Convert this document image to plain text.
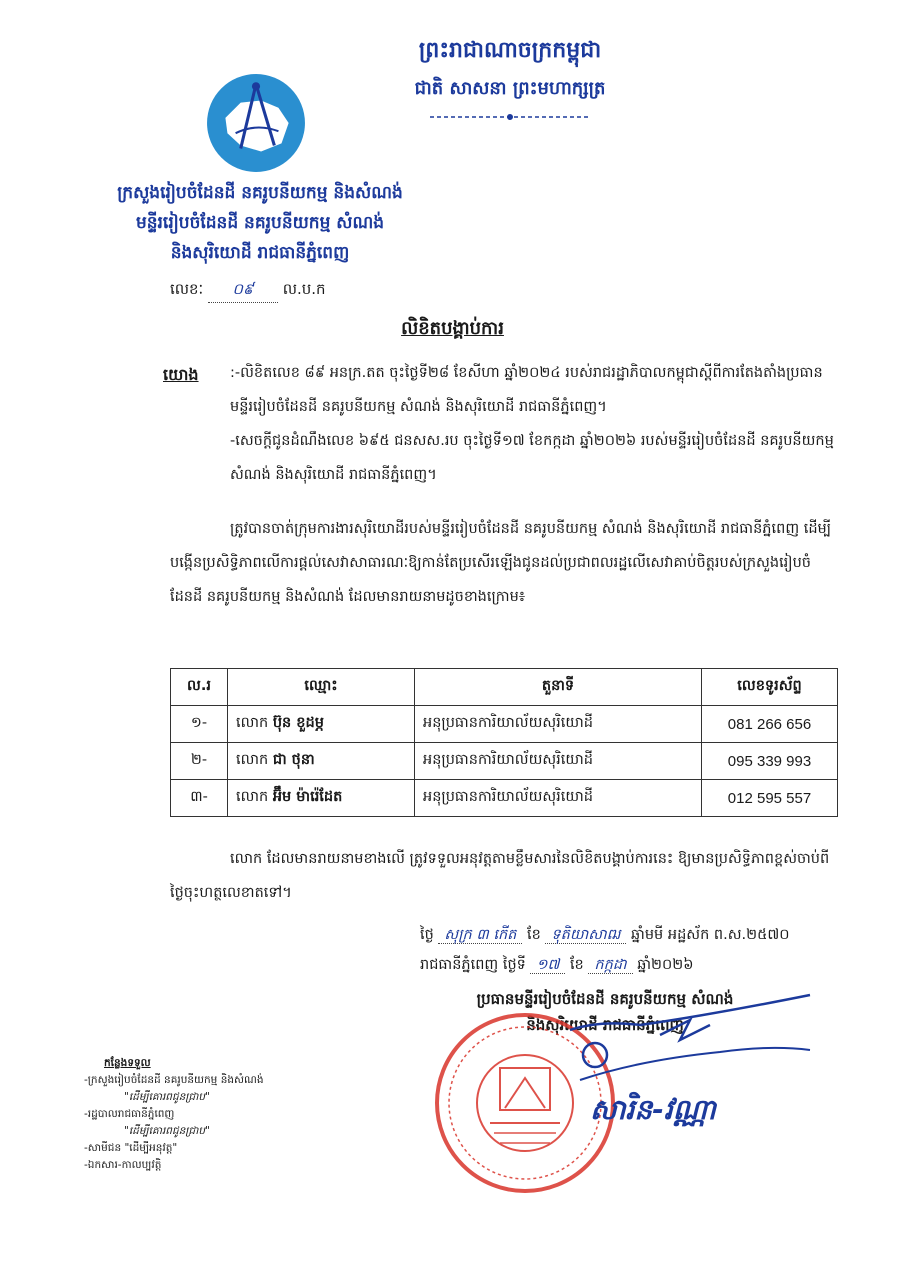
ព្រះរាជាណាចក្រកម្ពុជា
ជាតិ សាសនា ព្រះមហាក្សត្រ
ក្រសួងរៀបចំដែនដី នគរូបនីយកម្ម និងសំណង់
មន្ទីររៀបចំដែនដី នគរូបនីយកម្ម សំណង់
និងសុរិយោដី រាជធានីភ្នំពេញ
លេខៈ ០៩ ល.ប.ក
លិខិតបង្គាប់ការ
យោង :-លិខិតលេខ ៨៩ អនក្រ.តត ចុះថ្ងៃទី២៨ ខែសីហា ឆ្នាំ២០២៤ របស់រាជរដ្ឋាភិបាលកម្ពុជាស្តីពីការតែងតាំងប្រធានមន្ទីររៀបចំដែនដី នគរូបនីយកម្ម សំណង់ និងសុរិយោដី រាជធានីភ្នំពេញ។
-សេចក្តីជូនដំណឹងលេខ ៦៩៥ ជនសស.រប ចុះថ្ងៃទី១៧ ខែកក្កដា ឆ្នាំ២០២៦ របស់មន្ទីររៀបចំដែនដី នគរូបនីយកម្ម សំណង់ និងសុរិយោដី រាជធានីភ្នំពេញ។
ត្រូវបានចាត់ក្រុមការងារសុរិយោដីរបស់មន្ទីររៀបចំដែនដី នគរូបនីយកម្ម សំណង់ និងសុរិយោដី រាជធានីភ្នំពេញ ដើម្បីបង្កើនប្រសិទ្ធិភាពលើការផ្តល់សេវាសាធារណៈឱ្យកាន់តែប្រសើរឡើងជូនដល់ប្រជាពលរដ្ឋលើសេវាគាប់ចិត្តរបស់ក្រសួងរៀបចំដែនដី នគរូបនីយកម្ម និងសំណង់ ដែលមានរាយនាមដូចខាងក្រោម៖
ល.រ	ឈ្មោះ	តួនាទី	លេខទូរស័ព្ទ
១-	លោក ប៊ុន ខួដម្ភ	អនុប្រធានការិយាល័យសុរិយោដី	081 266 656
២-	លោក ជា ថុនា	អនុប្រធានការិយាល័យសុរិយោដី	095 339 993
៣-	លោក អ៊ឹម ម៉ារ៉េដែត	អនុប្រធានការិយាល័យសុរិយោដី	012 595 557
លោក ដែលមានរាយនាមខាងលើ ត្រូវទទួលអនុវត្តតាមខ្លឹមសារនៃលិខិតបង្គាប់ការនេះ ឱ្យមានប្រសិទ្ធិភាពខ្ពស់ចាប់ពីថ្ងៃចុះហត្ថលេខាតទៅ។
ថ្ងៃ សុក្រ ៣ កើត ខែ ទុតិយាសាឍ ឆ្នាំមមី អដ្ឋស័ក ព.ស.២៥៧០
រាជធានីភ្នំពេញ ថ្ងៃទី ១៧ ខែ កក្កដា ឆ្នាំ២០២៦
ប្រធានមន្ទីររៀបចំដែនដី នគរូបនីយកម្ម សំណង់
និងសុរិយោដី រាជធានីភ្នំពេញ
សារិន-វណ្ណា
កន្លែងទទួល
-ក្រសួងរៀបចំដែនដី នគរូបនីយកម្ម និងសំណង់
"ដើម្បីគោរពជូនជ្រាប"
-រដ្ឋបាលរាជធានីភ្នំពេញ
"ដើម្បីគោរពជូនជ្រាប"
-សាមីជន "ដើម្បីអនុវត្ត"
-ឯកសារ-កាលប្បវត្តិ
